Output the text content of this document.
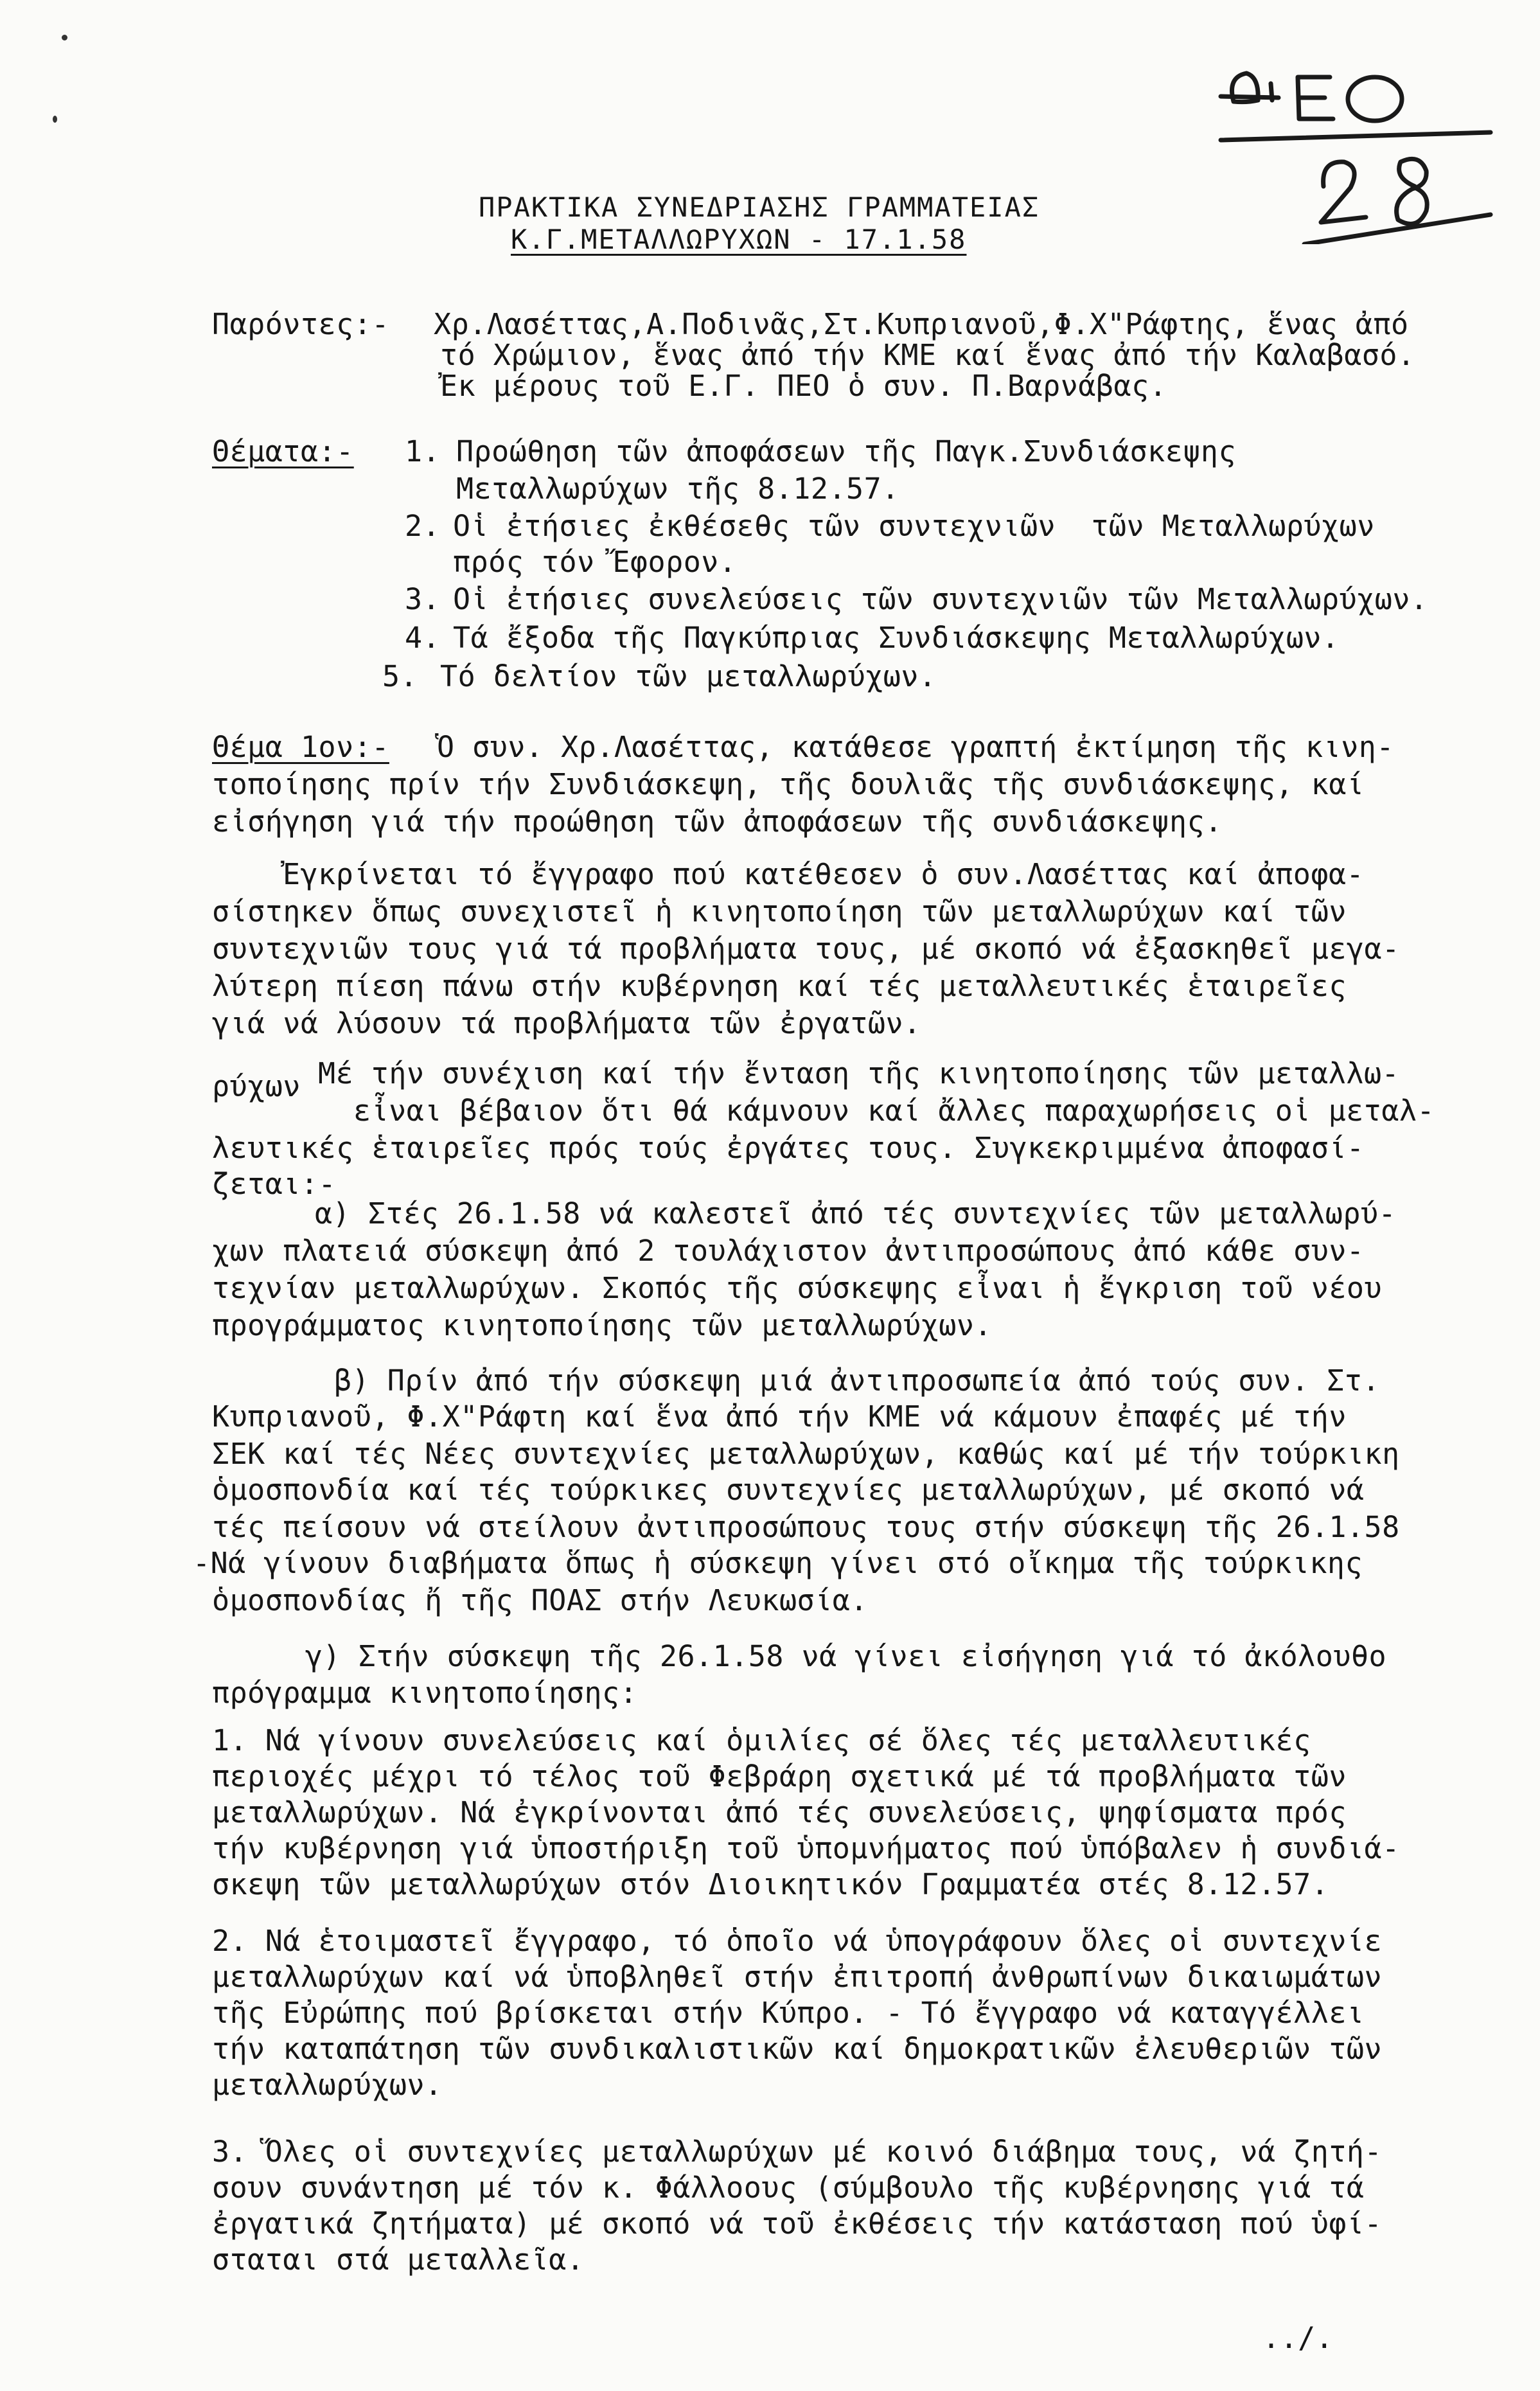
ΠΡΑΚΤΙΚΑ ΣΥΝΕΔΡΙΑΣΗΣ ΓΡΑΜΜΑΤΕΙΑΣ
Κ.Γ.ΜΕΤΑΛΛΩΡΥΧΩΝ - 17.1.58
Παρόντες:- Χρ.Λασέττας,Α.Ποδινᾶς,Στ.Κυπριανοῦ,Φ.Χ"Ράφτης, ἕνας ἀπό
τό Χρώμιον, ἕνας ἀπό τήν ΚΜΕ καί ἕνας ἀπό τήν Καλαβασό.
Ἐκ μέρους τοῦ Ε.Γ. ΠΕΟ ὁ συν. Π.Βαρνάβας.
Θέματα:- 1. Προώθηση τῶν ἀποφάσεων τῆς Παγκ.Συνδιάσκεψης
Μεταλλωρύχων τῆς 8.12.57.
2. Οἱ ἐτήσιες ἐκθέσεθς τῶν συντεχνιῶν  τῶν Μεταλλωρύχων
πρός τόν Ἔφορον.
3. Οἱ ἐτήσιες συνελεύσεις τῶν συντεχνιῶν τῶν Μεταλλωρύχων.
4. Τά ἔξοδα τῆς Παγκύπριας Συνδιάσκεψης Μεταλλωρύχων.
5. Τό δελτίον τῶν μεταλλωρύχων.
Θέμα 1ον:- Ὁ συν. Χρ.Λασέττας, κατάθεσε γραπτή ἐκτίμηση τῆς κινη-
τοποίησης πρίν τήν Συνδιάσκεψη, τῆς δουλιᾶς τῆς συνδιάσκεψης, καί
εἰσήγηση γιά τήν προώθηση τῶν ἀποφάσεων τῆς συνδιάσκεψης.
Ἐγκρίνεται τό ἔγγραφο πού κατέθεσεν ὁ συν.Λασέττας καί ἀποφα-
σίστηκεν ὅπως συνεχιστεῖ ἡ κινητοποίηση τῶν μεταλλωρύχων καί τῶν
συντεχνιῶν τους γιά τά προβλήματα τους, μέ σκοπό νά ἐξασκηθεῖ μεγα-
λύτερη πίεση πάνω στήν κυβέρνηση καί τές μεταλλευτικές ἑταιρεῖες
γιά νά λύσουν τά προβλήματα τῶν ἐργατῶν.
ρύχων Μέ τήν συνέχιση καί τήν ἔνταση τῆς κινητοποίησης τῶν μεταλλω-
εἶναι βέβαιον ὅτι θά κάμνουν καί ἄλλες παραχωρήσεις οἱ μεταλ-
λευτικές ἑταιρεῖες πρός τούς ἐργάτες τους. Συγκεκριμμένα ἀποφασί-
ζεται:-
α) Στές 26.1.58 νά καλεστεῖ ἀπό τές συντεχνίες τῶν μεταλλωρύ-
χων πλατειά σύσκεψη ἀπό 2 τουλάχιστον ἀντιπροσώπους ἀπό κάθε συν-
τεχνίαν μεταλλωρύχων. Σκοπός τῆς σύσκεψης εἶναι ἡ ἔγκριση τοῦ νέου
προγράμματος κινητοποίησης τῶν μεταλλωρύχων.
β) Πρίν ἀπό τήν σύσκεψη μιά ἀντιπροσωπεία ἀπό τούς συν. Στ.
Κυπριανοῦ, Φ.Χ"Ράφτη καί ἕνα ἀπό τήν ΚΜΕ νά κάμουν ἐπαφές μέ τήν
ΣΕΚ καί τές Νέες συντεχνίες μεταλλωρύχων, καθώς καί μέ τήν τούρκικη
ὁμοσπονδία καί τές τούρκικες συντεχνίες μεταλλωρύχων, μέ σκοπό νά
τές πείσουν νά στείλουν ἀντιπροσώπους τους στήν σύσκεψη τῆς 26.1.58
-Νά γίνουν διαβήματα ὅπως ἡ σύσκεψη γίνει στό οἴκημα τῆς τούρκικης
ὁμοσπονδίας ἤ τῆς ΠΟΑΣ στήν Λευκωσία.
γ) Στήν σύσκεψη τῆς 26.1.58 νά γίνει εἰσήγηση γιά τό ἀκόλουθο
πρόγραμμα κινητοποίησης:
1. Νά γίνουν συνελεύσεις καί ὁμιλίες σέ ὅλες τές μεταλλευτικές
περιοχές μέχρι τό τέλος τοῦ Φεβράρη σχετικά μέ τά προβλήματα τῶν
μεταλλωρύχων. Νά ἐγκρίνονται ἀπό τές συνελεύσεις, ψηφίσματα πρός
τήν κυβέρνηση γιά ὑποστήριξη τοῦ ὑπομνήματος πού ὑπόβαλεν ἡ συνδιά-
σκεψη τῶν μεταλλωρύχων στόν Διοικητικόν Γραμματέα στές 8.12.57.
2. Νά ἑτοιμαστεῖ ἔγγραφο, τό ὁποῖο νά ὑπογράφουν ὅλες οἱ συντεχνίε
μεταλλωρύχων καί νά ὑποβληθεῖ στήν ἐπιτροπή ἀνθρωπίνων δικαιωμάτων
τῆς Εὐρώπης πού βρίσκεται στήν Κύπρο. - Τό ἔγγραφο νά καταγγέλλει
τήν καταπάτηση τῶν συνδικαλιστικῶν καί δημοκρατικῶν ἐλευθεριῶν τῶν
μεταλλωρύχων.
3. Ὅλες οἱ συντεχνίες μεταλλωρύχων μέ κοινό διάβημα τους, νά ζητή-
σουν συνάντηση μέ τόν κ. Φάλλοους (σύμβουλο τῆς κυβέρνησης γιά τά
ἐργατικά ζητήματα) μέ σκοπό νά τοῦ ἐκθέσεις τήν κατάσταση πού ὑφί-
σταται στά μεταλλεῖα.
../.
